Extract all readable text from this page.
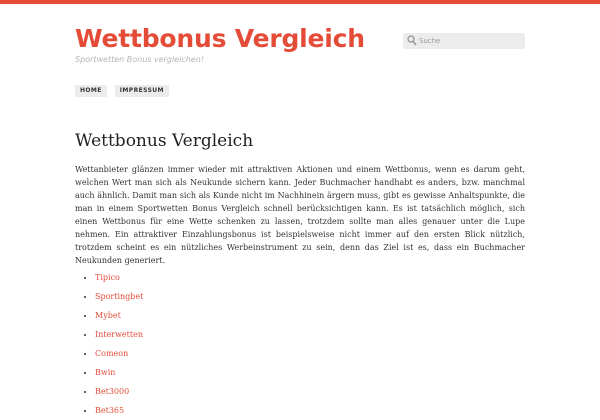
Wettbonus Vergleich
Sportwetten Bonus vergleichen!
Suche
HOME	IMPRESSUM
Wettbonus Vergleich

Wettanbieter glänzen immer wieder mit attraktiven Aktionen und einem Wettbonus, wenn es darum geht, welchen Wert man sich als Neukunde sichern kann. Jeder Buchmacher handhabt es anders, bzw. manchmal auch ähnlich. Damit man sich als Kunde nicht im Nachhinein ärgern muss, gibt es gewisse Anhaltspunkte, die man in einem Sportwetten Bonus Vergleich schnell berücksichtigen kann. Es ist tatsächlich möglich, sich einen Wettbonus für eine Wette schenken zu lassen, trotzdem sollte man alles genauer unter die Lupe nehmen. Ein attraktiver Einzahlungsbonus ist beispielsweise nicht immer auf den ersten Blick nützlich, trotzdem scheint es ein nützliches Werbeinstrument zu sein, denn das Ziel ist es, dass ein Buchmacher Neukunden generiert.

• Tipico
• Sportingbet
• Mybet
• Interwetten
• Comeon
• Bwin
• Bet3000
• Bet365
